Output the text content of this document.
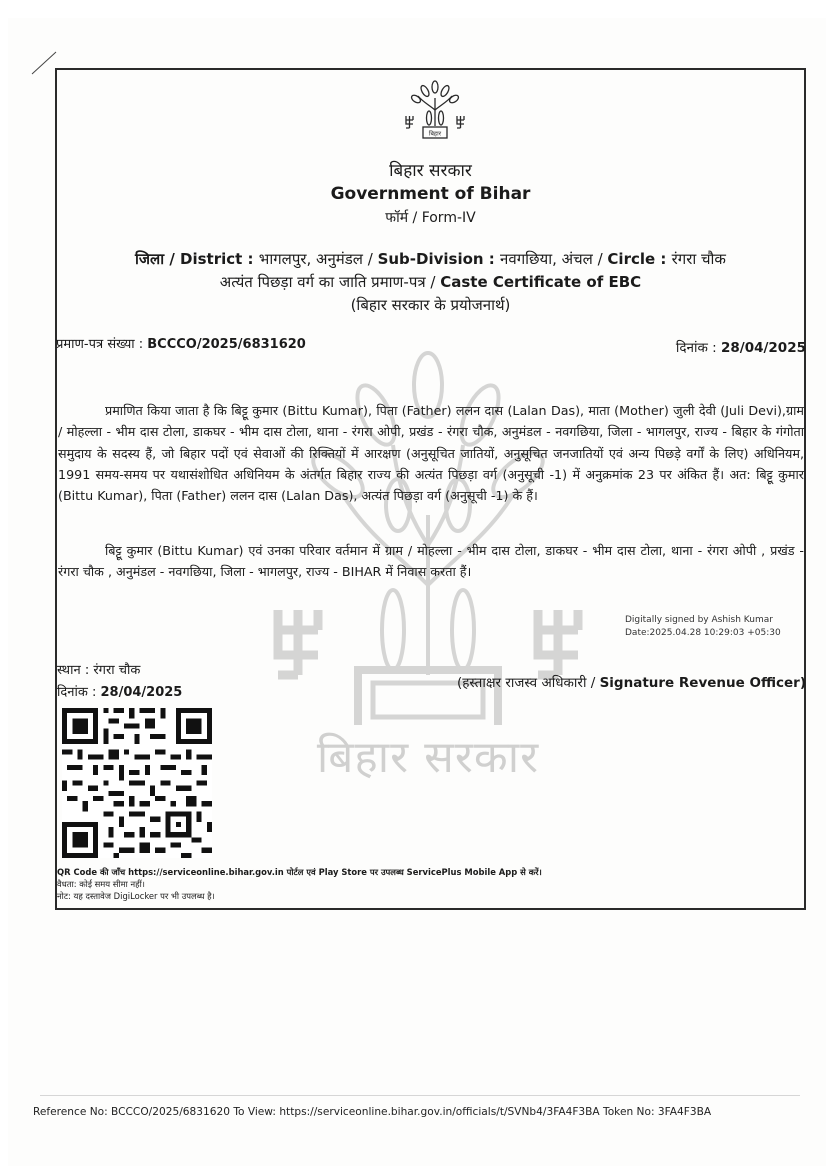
बिहार सरकार
बिहार
बिहार सरकार
Government of Bihar
फॉर्म / Form-IV
जिला / District : भागलपुर, अनुमंडल / Sub-Division : नवगछिया, अंचल / Circle : रंगरा चौक
अत्यंत पिछड़ा वर्ग का जाति प्रमाण-पत्र / Caste Certificate of EBC
(बिहार सरकार के प्रयोजनार्थ)
प्रमाण-पत्र संख्या : BCCCO/2025/6831620	दिनांक : 28/04/2025
प्रमाणित किया जाता है कि बिट्टू कुमार (Bittu Kumar), पिता (Father) ललन दास (Lalan Das), माता (Mother) जुली देवी (Juli Devi),ग्राम / मोहल्ला - भीम दास टोला, डाकघर - भीम दास टोला, थाना - रंगरा ओपी, प्रखंड - रंगरा चौक, अनुमंडल - नवगछिया, जिला - भागलपुर, राज्य - बिहार के गंगोता समुदाय के सदस्य हैं, जो बिहार पदों एवं सेवाओं की रिक्तियों में आरक्षण (अनुसूचित जातियों, अनुसूचित जनजातियों एवं अन्य पिछड़े वर्गों के लिए) अधिनियम, 1991 समय-समय पर यथासंशोधित अधिनियम के अंतर्गत बिहार राज्य की अत्यंत पिछड़ा वर्ग (अनुसूची -1) में अनुक्रमांक 23 पर अंकित हैं। अत: बिट्टू कुमार (Bittu Kumar), पिता (Father) ललन दास (Lalan Das), अत्यंत पिछड़ा वर्ग (अनुसूची -1) के हैं।
बिट्टू कुमार (Bittu Kumar) एवं उनका परिवार वर्तमान में ग्राम / मोहल्ला - भीम दास टोला, डाकघर - भीम दास टोला, थाना - रंगरा ओपी , प्रखंड - रंगरा चौक , अनुमंडल - नवगछिया, जिला - भागलपुर, राज्य - BIHAR में निवास करता हैं।
Digitally signed by Ashish Kumar
Date:2025.04.28 10:29:03 +05:30
स्थान : रंगरा चौक
दिनांक : 28/04/2025
(हस्ताक्षर राजस्व अधिकारी / Signature Revenue Officer)
QR Code की जाँच https://serviceonline.bihar.gov.in पोर्टल एवं Play Store पर उपलब्ध ServicePlus Mobile App से करें।
वैधता: कोई समय सीमा नहीं।
नोट: यह दस्तावेज DigiLocker पर भी उपलब्ध है।
Reference No: BCCCO/2025/6831620 To View: https://serviceonline.bihar.gov.in/officials/t/SVNb4/3FA4F3BA Token No: 3FA4F3BA
